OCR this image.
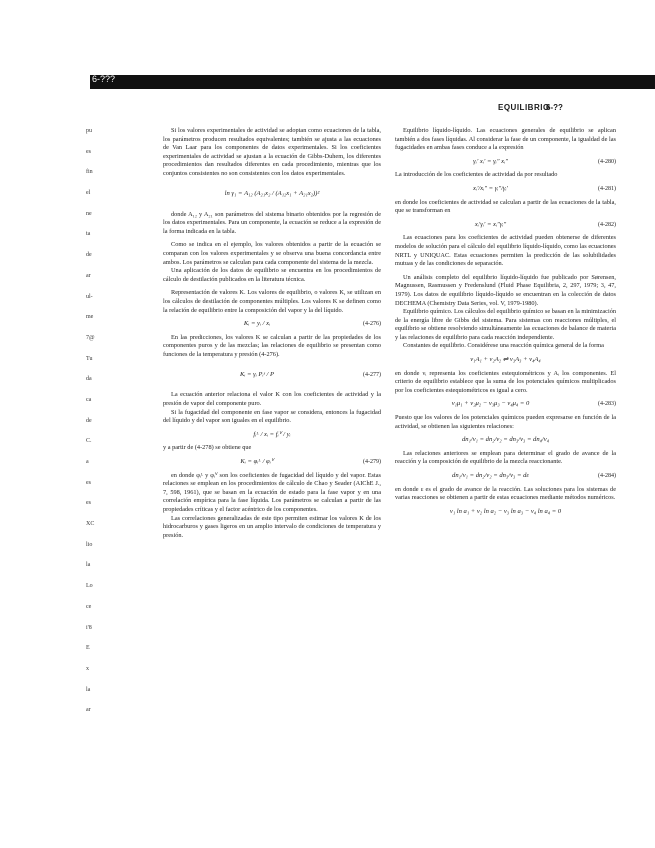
6‑???
EQUILIBRIO
6‑??
pu
es
fin
el
ne
ta
de
ar
ul-
me
7@
Tu
da
ca
de
C.
a
es
es
XC
lio
la
Lo
ce
i'8
E
x
la
ar

Si los valores experimentales de actividad se adoptan como ecuaciones de la tabla, los parámetros producen resultados equivalentes; también se ajusta a las ecuaciones de Van Laar para los componentes de datos experimentales. Si los coeficientes experimentales de actividad se ajustan a la ecuación de Gibbs-Duhem, los diferentes procedimientos dan resultados diferentes en cada procedimiento, mientras que los conjuntos consistentes no son consistentes con los datos experimentales.

ln γ₁ = A₁₂ (A₂₁x₂ / (A₁₂x₁ + A₂₁x₂))²

donde A₁₂ y A₂₁ son parámetros del sistema binario obtenidos por la regresión de los datos experimentales. Para un componente, la ecuación se reduce a la expresión de la forma indicada en la tabla.

Como se indica en el ejemplo, los valores obtenidos a partir de la ecuación se comparan con los valores experimentales y se observa una buena concordancia entre ambos. Los parámetros se calculan para cada componente del sistema de la mezcla.

Una aplicación de los datos de equilibrio se encuentra en los procedimientos de cálculo de destilación publicados en la literatura técnica.

Representación de valores K. Los valores de equilibrio, o valores K, se utilizan en los cálculos de destilación de componentes múltiples. Los valores K se definen como la relación de equilibrio entre la composición del vapor y la del líquido.

Kᵢ = yᵢ / xᵢ	(4-276)

En las predicciones, los valores K se calculan a partir de las propiedades de los componentes puros y de las mezclas; las relaciones de equilibrio se presentan como funciones de la temperatura y presión (4-276).

Kᵢ = γᵢ Pᵢˢ / P	(4-277)

La ecuación anterior relaciona el valor K con los coeficientes de actividad y la presión de vapor del componente puro.

Si la fugacidad del componente en fase vapor se considera, entonces la fugacidad del líquido y del vapor son iguales en el equilibrio.

fᵢᴸ / xᵢ = fᵢⱽ / yᵢ

y a partir de (4-278) se obtiene que

Kᵢ = φᵢᴸ / φᵢⱽ	(4-279)

en donde φᵢᴸ y φᵢⱽ son los coeficientes de fugacidad del líquido y del vapor. Estas relaciones se emplean en los procedimientos de cálculo de Chao y Seader (AIChE J., 7, 598, 1961), que se basan en la ecuación de estado para la fase vapor y en una correlación empírica para la fase líquida. Los parámetros se calculan a partir de las propiedades críticas y el factor acéntrico de los componentes.

Las correlaciones generalizadas de este tipo permiten estimar los valores K de los hidrocarburos y gases ligeros en un amplio intervalo de condiciones de temperatura y presión.

Equilibrio líquido-líquido. Las ecuaciones generales de equilibrio se aplican también a dos fases líquidas. Al considerar la fase de un componente, la igualdad de las fugacidades en ambas fases conduce a la expresión

γᵢ′ xᵢ′ = γᵢ″ xᵢ″	(4-280)

La introducción de los coeficientes de actividad da por resultado

xᵢ′/xᵢ″ = γᵢ″/γᵢ′	(4-281)

en donde los coeficientes de actividad se calculan a partir de las ecuaciones de la tabla, que se transforman en

xᵢ′γᵢ′ = xᵢ″γᵢ″	(4-282)

Las ecuaciones para los coeficientes de actividad pueden obtenerse de diferentes modelos de solución para el cálculo del equilibrio líquido-líquido, como las ecuaciones NRTL y UNIQUAC. Estas ecuaciones permiten la predicción de las solubilidades mutuas y de las condiciones de separación.

Un análisis completo del equilibrio líquido-líquido fue publicado por Sørensen, Magnussen, Rasmussen y Fredenslund (Fluid Phase Equilibria, 2, 297, 1979; 3, 47, 1979). Los datos de equilibrio líquido-líquido se encuentran en la colección de datos DECHEMA (Chemistry Data Series, vol. V, 1979-1980).

Equilibrio químico. Los cálculos del equilibrio químico se basan en la minimización de la energía libre de Gibbs del sistema. Para sistemas con reacciones múltiples, el equilibrio se obtiene resolviendo simultáneamente las ecuaciones de balance de materia y las relaciones de equilibrio para cada reacción independiente.

Constantes de equilibrio. Considérese una reacción química general de la forma

ν₁A₁ + ν₂A₂ ⇌ ν₃A₃ + ν₄A₄

en donde νᵢ representa los coeficientes estequiométricos y Aᵢ los componentes. El criterio de equilibrio establece que la suma de los potenciales químicos multiplicados por los coeficientes estequiométricos es igual a cero.

ν₁μ₁ + ν₂μ₂ − ν₃μ₃ − ν₄μ₄ = 0	(4-283)

Puesto que los valores de los potenciales químicos pueden expresarse en función de la actividad, se obtienen las siguientes relaciones:

dn₁/ν₁ = dn₂/ν₂ = dn₃/ν₃ = dn₄/ν₄

Las relaciones anteriores se emplean para determinar el grado de avance de la reacción y la composición de equilibrio de la mezcla reaccionante.

dn₁/ν₁ = dn₂/ν₂ = dn₃/ν₃ = dε	(4-284)

en donde ε es el grado de avance de la reacción. Las soluciones para los sistemas de varias reacciones se obtienen a partir de estas ecuaciones mediante métodos numéricos.

ν₁ ln a₁ + ν₂ ln a₂ − ν₃ ln a₃ − ν₄ ln a₄ = 0
